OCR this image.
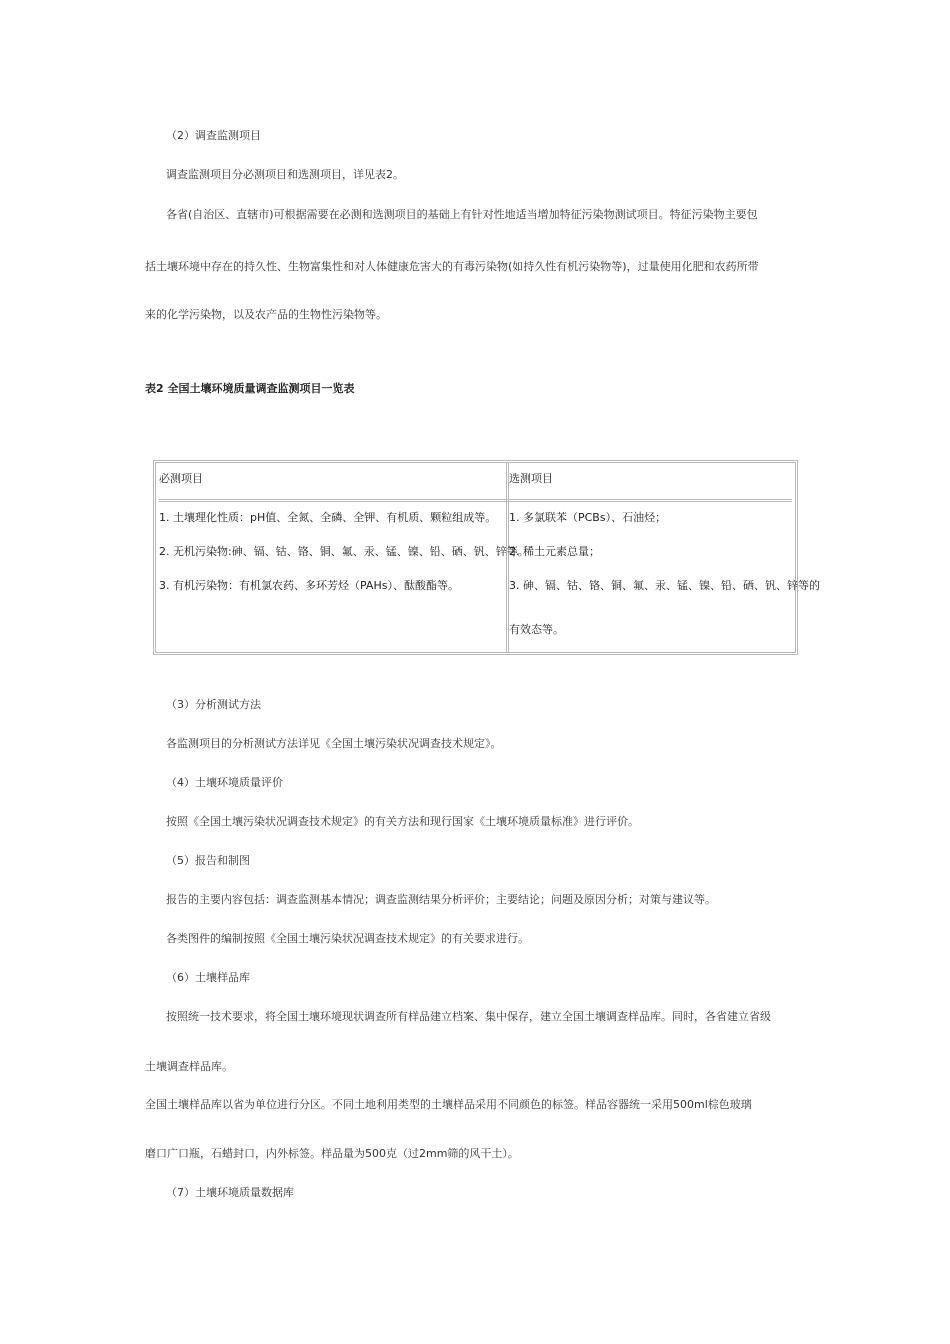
（2）调查监测项目
调查监测项目分必测项目和选测项目，详见表2。
各省(自治区、直辖市)可根据需要在必测和选测项目的基础上有针对性地适当增加特征污染物测试项目。特征污染物主要包
括土壤环境中存在的持久性、生物富集性和对人体健康危害大的有毒污染物(如持久性有机污染物等)，过量使用化肥和农药所带
来的化学污染物，以及农产品的生物性污染物等。
表2 全国土壤环境质量调查监测项目一览表
必测项目	选测项目
1. 土壤理化性质：pH值、全氮、全磷、全钾、有机质、颗粒组成等。
2. 无机污染物:砷、镉、钴、铬、铜、氟、汞、锰、镍、铅、硒、钒、锌等。
3. 有机污染物：有机氯农药、多环芳烃（PAHs）、酞酸酯等。
1. 多氯联苯（PCBs）、石油烃；
2. 稀土元素总量；
3. 砷、镉、钴、铬、铜、氟、汞、锰、镍、铅、硒、钒、锌等的
有效态等。
（3）分析测试方法
各监测项目的分析测试方法详见《全国土壤污染状况调查技术规定》。
（4）土壤环境质量评价
按照《全国土壤污染状况调查技术规定》的有关方法和现行国家《土壤环境质量标准》进行评价。
（5）报告和制图
报告的主要内容包括：调查监测基本情况；调查监测结果分析评价；主要结论；问题及原因分析；对策与建议等。
各类图件的编制按照《全国土壤污染状况调查技术规定》的有关要求进行。
（6）土壤样品库
按照统一技术要求，将全国土壤环境现状调查所有样品建立档案、集中保存，建立全国土壤调查样品库。同时，各省建立省级
土壤调查样品库。
全国土壤样品库以省为单位进行分区。不同土地利用类型的土壤样品采用不同颜色的标签。样品容器统一采用500ml棕色玻璃
磨口广口瓶，石蜡封口，内外标签。样品量为500克（过2mm筛的风干土）。
（7）土壤环境质量数据库
